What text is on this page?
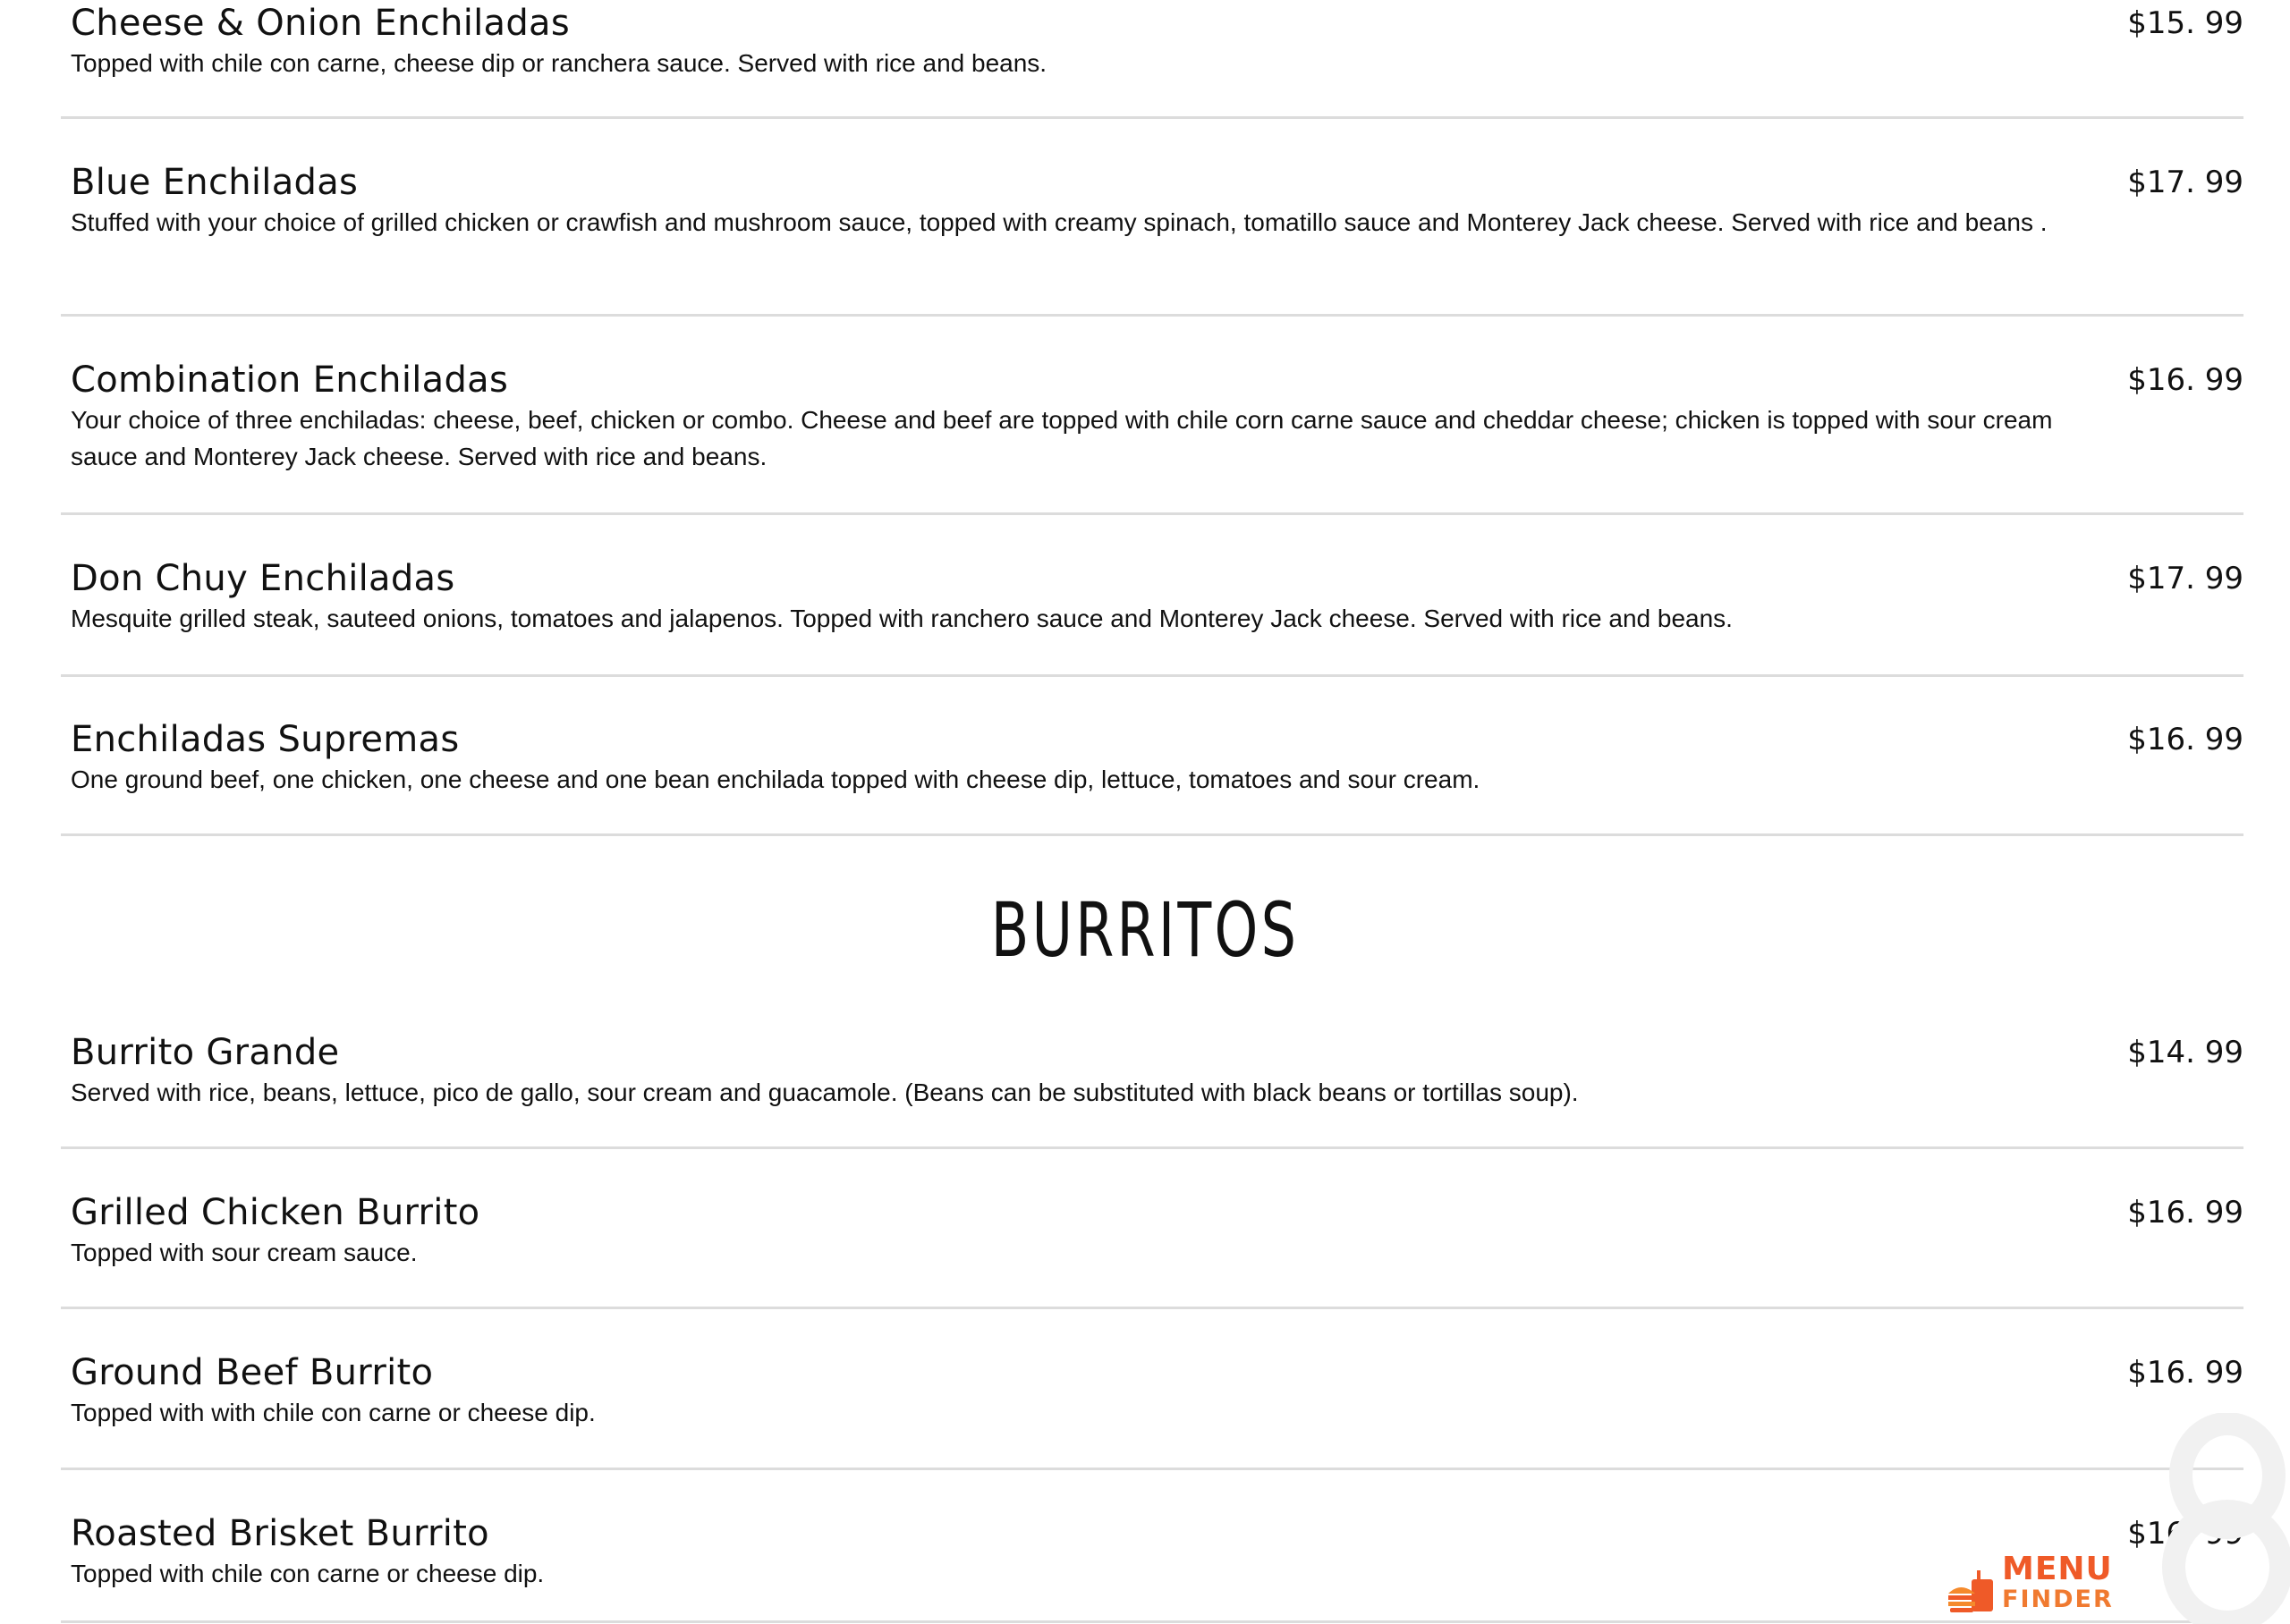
Cheese & Onion Enchiladas	$15. 99
Topped with chile con carne, cheese dip or ranchera sauce. Served with rice and beans.
Blue Enchiladas	$17. 99
Stuffed with your choice of grilled chicken or crawfish and mushroom sauce, topped with creamy spinach, tomatillo sauce and Monterey Jack cheese. Served with rice and beans .
Combination Enchiladas	$16. 99
Your choice of three enchiladas: cheese, beef, chicken or combo. Cheese and beef are topped with chile corn carne sauce and cheddar cheese; chicken is topped with sour cream sauce and Monterey Jack cheese. Served with rice and beans.
Don Chuy Enchiladas	$17. 99
Mesquite grilled steak, sauteed onions, tomatoes and jalapenos. Topped with ranchero sauce and Monterey Jack cheese. Served with rice and beans.
Enchiladas Supremas	$16. 99
One ground beef, one chicken, one cheese and one bean enchilada topped with cheese dip, lettuce, tomatoes and sour cream.
BURRITOS
Burrito Grande	$14. 99
Served with rice, beans, lettuce, pico de gallo, sour cream and guacamole. (Beans can be substituted with black beans or tortillas soup).
Grilled Chicken Burrito	$16. 99
Topped with sour cream sauce.
Ground Beef Burrito	$16. 99
Topped with with chile con carne or cheese dip.
Roasted Brisket Burrito	$16. 99
Topped with chile con carne or cheese dip.	MENU
FINDER
